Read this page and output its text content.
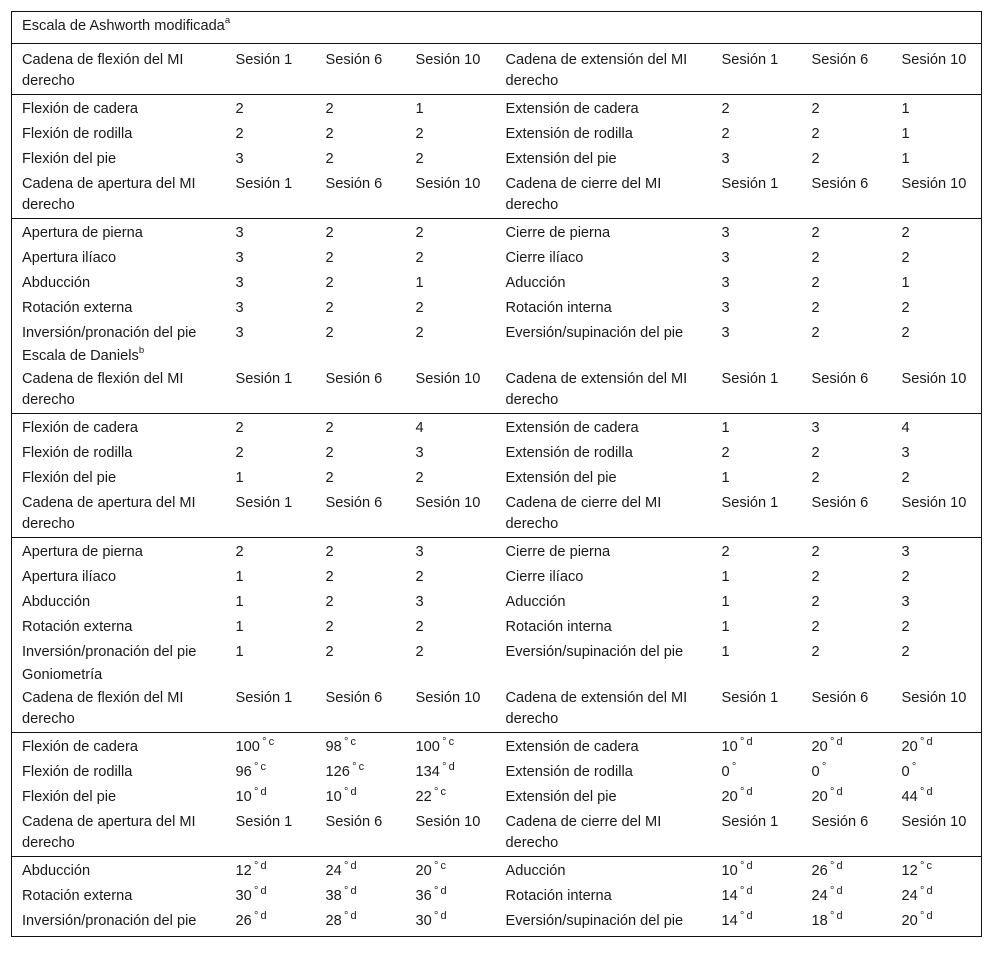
Escala de Ashworth modificada$^a$
Cadena de flexión del MI derecho	Sesión 1	Sesión 6	Sesión 10	Cadena de extensión del MI derecho	Sesión 1	Sesión 6	Sesión 10
Flexión de cadera	2	2	1	Extensión de cadera	2	2	1
Flexión de rodilla	2	2	2	Extensión de rodilla	2	2	1
Flexión del pie	3	2	2	Extensión del pie	3	2	1
Cadena de apertura del MI derecho	Sesión 1	Sesión 6	Sesión 10	Cadena de cierre del MI derecho	Sesión 1	Sesión 6	Sesión 10
Apertura de pierna	3	2	2	Cierre de pierna	3	2	2
Apertura ilíaco	3	2	2	Cierre ilíaco	3	2	2
Abducción	3	2	1	Aducción	3	2	1
Rotación externa	3	2	2	Rotación interna	3	2	2
Inversión/pronación del pie	3	2	2	Eversión/supinación del pie	3	2	2
Escala de Daniels$^b$
Cadena de flexión del MI derecho	Sesión 1	Sesión 6	Sesión 10	Cadena de extensión del MI derecho	Sesión 1	Sesión 6	Sesión 10
Flexión de cadera	2	2	4	Extensión de cadera	1	3	4
Flexión de rodilla	2	2	3	Extensión de rodilla	2	2	3
Flexión del pie	1	2	2	Extensión del pie	1	2	2
Cadena de apertura del MI derecho	Sesión 1	Sesión 6	Sesión 10	Cadena de cierre del MI derecho	Sesión 1	Sesión 6	Sesión 10
Apertura de pierna	2	2	3	Cierre de pierna	2	2	3
Apertura ilíaco	1	2	2	Cierre ilíaco	1	2	2
Abducción	1	2	3	Aducción	1	2	3
Rotación externa	1	2	2	Rotación interna	1	2	2
Inversión/pronación del pie	1	2	2	Eversión/supinación del pie	1	2	2
Goniometría							
Cadena de flexión del MI derecho	Sesión 1	Sesión 6	Sesión 10	Cadena de extensión del MI derecho	Sesión 1	Sesión 6	Sesión 10
Flexión de cadera	100  $^{^\circ c}$	98  $^{^\circ c}$	100  $^{^\circ c}$	Extensión de cadera	10  $^{^\circ d}$	20  $^{^\circ d}$	20  $^{^\circ d}$
Flexión de rodilla	96  $^{^\circ c}$	126  $^{^\circ c}$	134  $^{^\circ d}$	Extensión de rodilla	0  °	0  °	0  °
Flexión del pie	10  $^{^\circ d}$	10  $^{^\circ d}$	22  $^{^\circ c}$	Extensión del pie	20  $^{^\circ d}$	20  $^{^\circ d}$	44  $^{^\circ d}$
Cadena de apertura del MI derecho	Sesión 1	Sesión 6	Sesión 10	Cadena de cierre del MI derecho	Sesión 1	Sesión 6	Sesión 10
Abducción	12  $^{^\circ d}$	24  $^{^\circ d}$	20  $^{^\circ c}$	Aducción	10  $^{^\circ d}$	26  $^{^\circ d}$	12  $^{^\circ c}$
Rotación externa	30  $^{^\circ d}$	38  $^{^\circ d}$	36  $^{^\circ d}$	Rotación interna	14  $^{^\circ d}$	24  $^{^\circ d}$	24  $^{^\circ d}$
Inversión/pronación del pie	26  $^{^\circ d}$	28  $^{^\circ d}$	30  $^{^\circ d}$	Eversión/supinación del pie	14  $^{^\circ d}$	18  $^{^\circ d}$	20  $^{^\circ d}$
